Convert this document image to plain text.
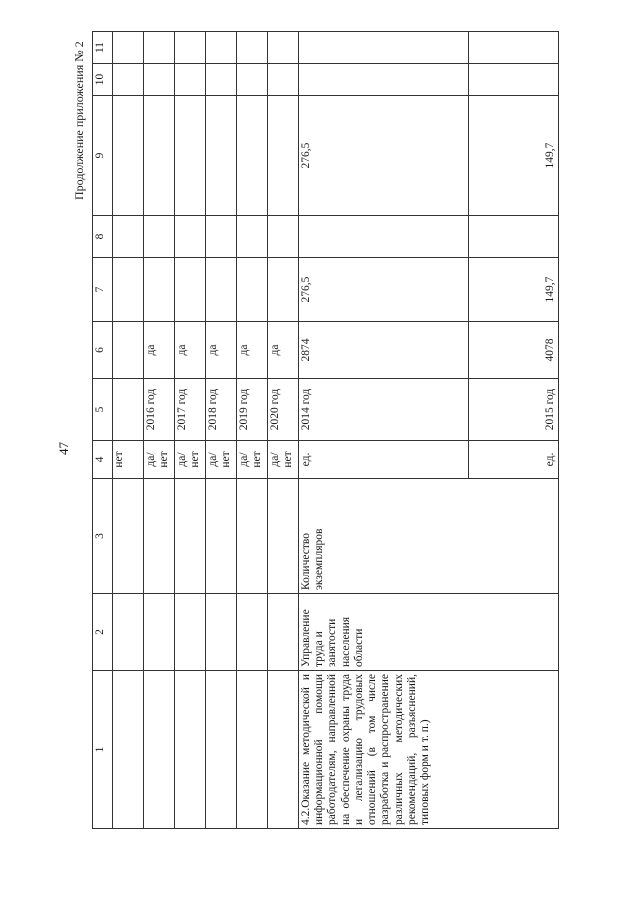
47
Продолжение приложения № 2
1	2	3	4	5	6	7	8	9	10	11
			нет							
			да/ нет	2016 год	да					
			да/ нет	2017 год	да					
			да/ нет	2018 год	да					
			да/ нет	2019 год	да					
			да/ нет	2020 год	да					
4.2.Оказание методической и информационной помощи работодателям, направленной на обеспечение охраны труда и легализацию трудовых отношений (в том числе разработка и распространение различных методических рекомендаций, разъяснений, типовых форм и т. п.)	Управление труда и занятости населения области	Количество экземпляров	ед.	2014 год	2874	276,5		276,5		
			ед.	2015 год	4078	149,7		149,7		
